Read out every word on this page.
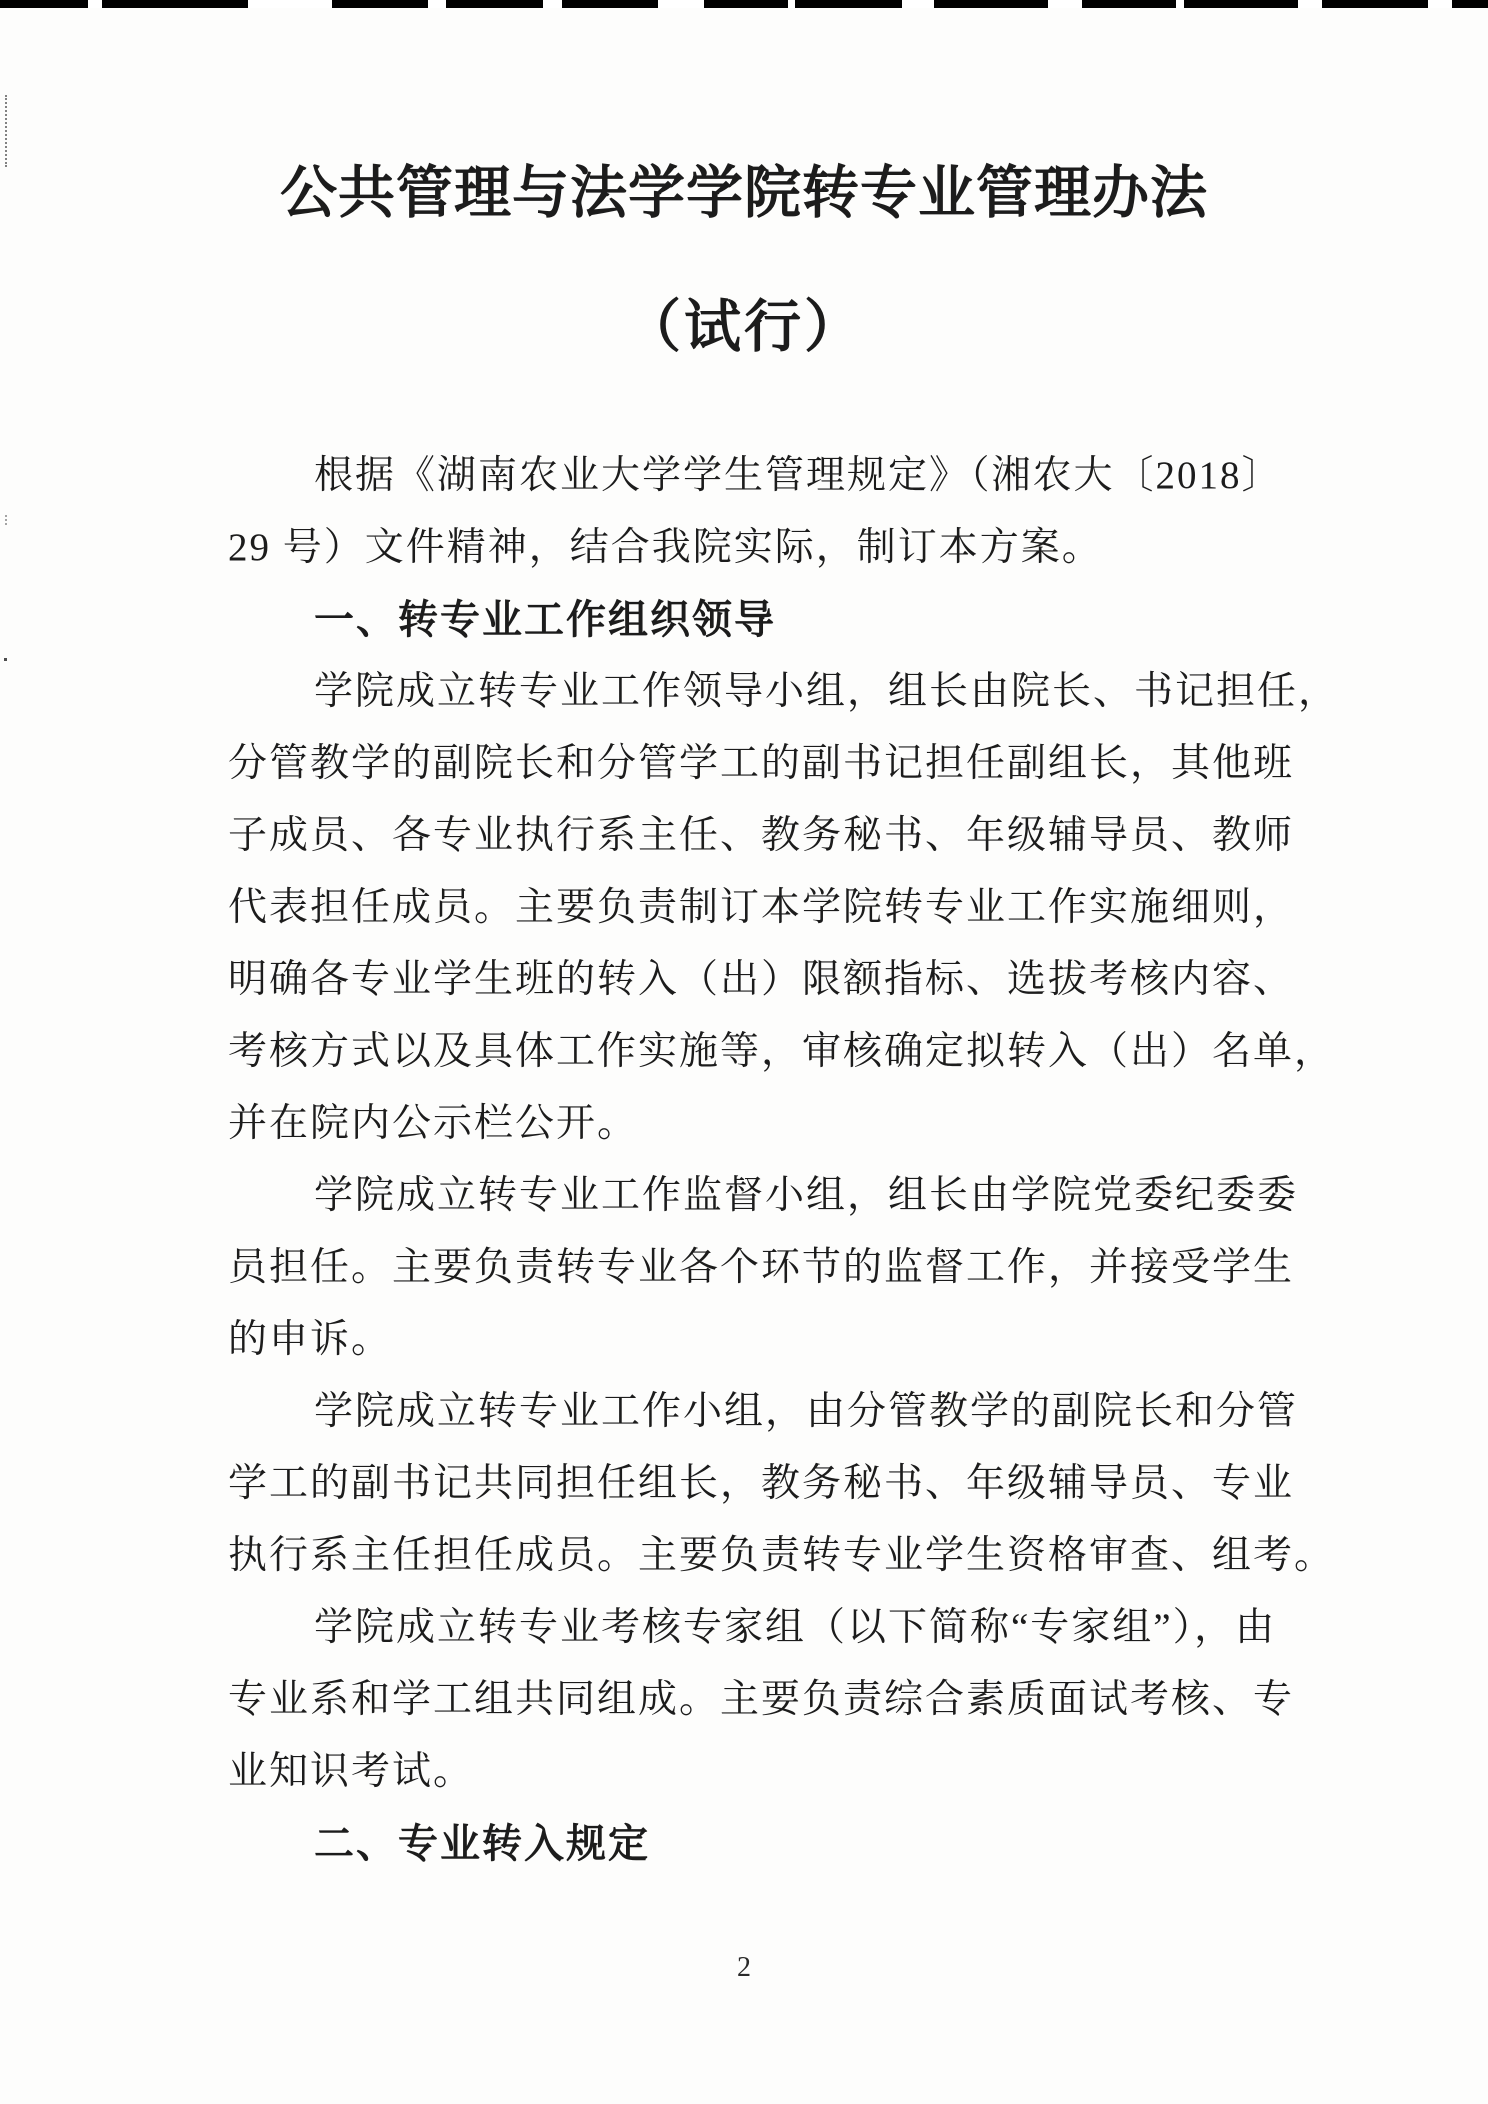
公共管理与法学学院转专业管理办法
（试行）
根据《湖南农业大学学生管理规定》（湘农大〔2018〕
29 号）文件精神，结合我院实际，制订本方案。
一、转专业工作组织领导
学院成立转专业工作领导小组，组长由院长、书记担任，
分管教学的副院长和分管学工的副书记担任副组长，其他班
子成员、各专业执行系主任、教务秘书、年级辅导员、教师
代表担任成员。主要负责制订本学院转专业工作实施细则，
明确各专业学生班的转入（出）限额指标、选拔考核内容、
考核方式以及具体工作实施等，审核确定拟转入（出）名单，
并在院内公示栏公开。
学院成立转专业工作监督小组，组长由学院党委纪委委
员担任。主要负责转专业各个环节的监督工作，并接受学生
的申诉。
学院成立转专业工作小组，由分管教学的副院长和分管
学工的副书记共同担任组长，教务秘书、年级辅导员、专业
执行系主任担任成员。主要负责转专业学生资格审查、组考。
学院成立转专业考核专家组（以下简称“专家组”），由
专业系和学工组共同组成。主要负责综合素质面试考核、专
业知识考试。
二、专业转入规定
2
